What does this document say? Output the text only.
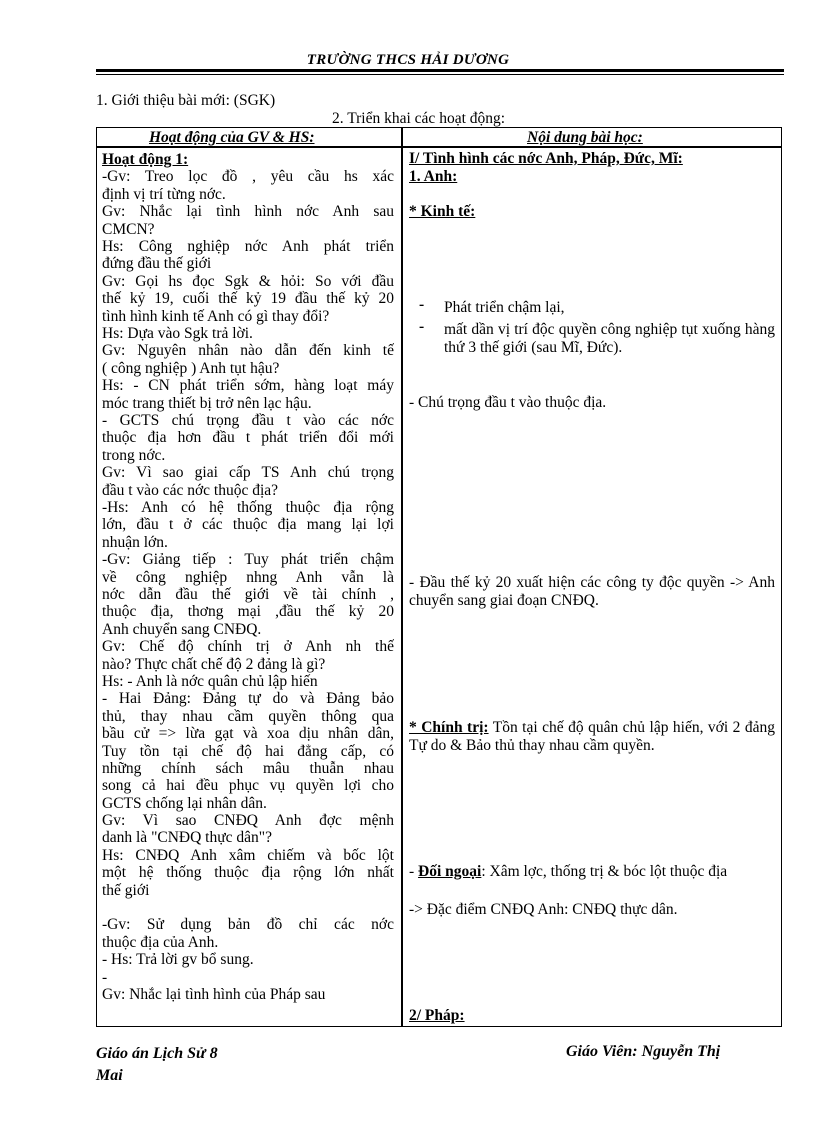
TRƯỜNG THCS HẢI DƯƠNG
1. Giới thiệu bài mới: (SGK)
2. Triển khai các hoạt động:
Hoạt động của GV & HS:	Nội dung bài học:
Hoạt động 1:
-Gv: Treo lọc đồ , yêu cầu hs xác
định vị trí từng nớc.
Gv: Nhắc lại tình hình nớc Anh sau
CMCN?
Hs: Công nghiệp nớc Anh phát triển
đứng đầu thế giới
Gv: Gọi hs đọc Sgk & hỏi: So với đầu
thế kỷ 19, cuối thế kỷ 19 đầu thế kỷ 20
tình hình kinh tế Anh có gì thay đổi?
Hs: Dựa vào Sgk trả lời.
Gv: Nguyên nhân nào dẫn đến kinh tế
( công nghiệp ) Anh tụt hậu?
Hs: - CN phát triển sớm, hàng loạt máy
móc trang thiết bị trở nên lạc hậu.
- GCTS chú trọng đầu t vào các nớc
thuộc địa hơn đầu t phát triển đổi mới
trong nớc.
Gv: Vì sao giai cấp TS Anh chú trọng
đầu t vào các nớc thuộc địa?
-Hs: Anh có hệ thống thuộc địa rộng
lớn, đầu t ở các thuộc địa mang lại lợi
nhuận lớn.
-Gv: Giảng tiếp : Tuy phát triển chậm
về công nghiệp nhng Anh vẫn là
nớc dẫn đầu thế giới về tài chính ,
thuộc địa, thơng mại ,đầu thế kỷ 20
Anh chuyển sang CNĐQ.
Gv: Chế độ chính trị ở Anh nh thế
nào? Thực chất chế độ 2 đảng là gì?
Hs: - Anh là nớc quân chủ lập hiến
- Hai Đảng: Đảng tự do và Đảng bảo
thủ, thay nhau cầm quyền thông qua
bầu cử => lừa gạt và xoa dịu nhân dân,
Tuy tồn tại chế độ hai đẳng cấp, có
những chính sách mâu thuẫn nhau
song cả hai đều phục vụ quyền lợi cho
GCTS chống lại nhân dân.
Gv: Vì sao CNĐQ Anh đợc mệnh
danh là "CNĐQ thực dân"?
Hs: CNĐQ Anh xâm chiếm và bốc lột
một hệ thống thuộc địa rộng lớn nhất
thế giới
-Gv: Sử dụng bản đồ chỉ các nớc
thuộc địa của Anh.
- Hs: Trả lời gv bổ sung.
-
Gv: Nhắc lại tình hình của Pháp sau
I/ Tình hình các nớc Anh, Pháp, Đức, Mĩ:
1. Anh:
* Kinh tế:
- Phát triển chậm lại,
- mất dần vị trí độc quyền công nghiệp tụt xuống hàng thứ 3 thế giới (sau Mĩ, Đức).
- Chú trọng đầu t vào thuộc địa.
- Đầu thế kỷ 20 xuất hiện các công ty độc quyền -> Anh chuyển sang giai đoạn CNĐQ.
* Chính trị: Tồn tại chế độ quân chủ lập hiến, với 2 đảng Tự do & Bảo thủ thay nhau cầm quyền.
- Đối ngoại: Xâm lợc, thống trị & bóc lột thuộc địa
-> Đặc điểm CNĐQ Anh: CNĐQ thực dân.
2/ Pháp:
Giáo án Lịch Sử 8
Mai
Giáo Viên: Nguyễn Thị
